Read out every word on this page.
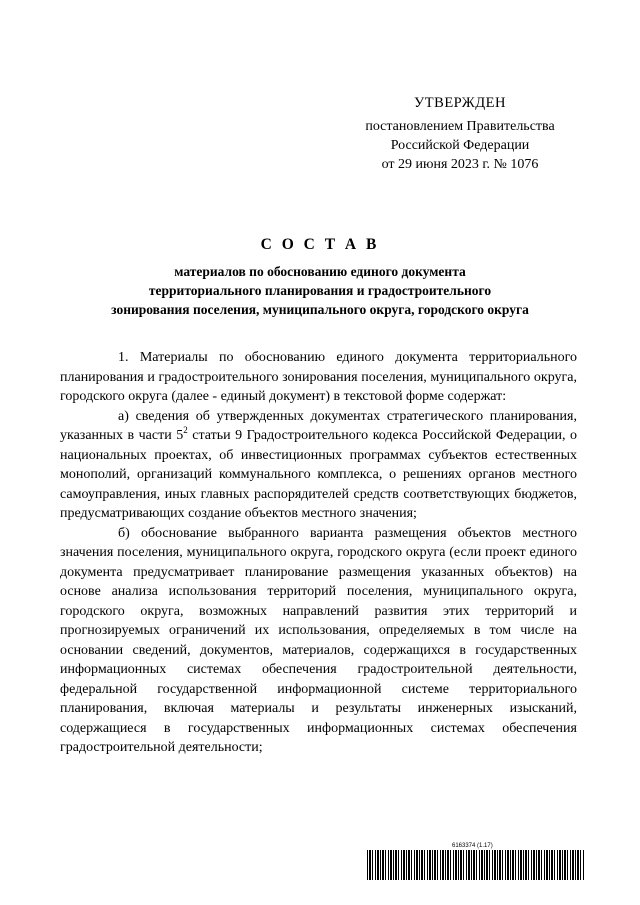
УТВЕРЖДЕН
постановлением Правительства
Российской Федерации
от 29 июня 2023 г. № 1076
С О С Т А В
материалов по обоснованию единого документа
территориального планирования и градостроительного
зонирования поселения, муниципального округа, городского округа

1. Материалы по обоснованию единого документа территориального планирования и градостроительного зонирования поселения, муниципального округа, городского округа (далее - единый документ) в текстовой форме содержат:

а) сведения об утвержденных документах стратегического планирования, указанных в части $5^2$ статьи 9 Градостроительного кодекса Российской Федерации, о национальных проектах, об инвестиционных программах субъектов естественных монополий, организаций коммунального комплекса, о решениях органов местного самоуправления, иных главных распорядителей средств соответствующих бюджетов, предусматривающих создание объектов местного значения;

б) обоснование выбранного варианта размещения объектов местного значения поселения, муниципального округа, городского округа (если проект единого документа предусматривает планирование размещения указанных объектов) на основе анализа использования территорий поселения, муниципального округа, городского округа, возможных направлений развития этих территорий и прогнозируемых ограничений их использования, определяемых в том числе на основании сведений, документов, материалов, содержащихся в государственных информационных системах обеспечения градостроительной деятельности, федеральной государственной информационной системе территориального планирования, включая материалы и результаты инженерных изысканий, содержащиеся в государственных информационных системах обеспечения градостроительной деятельности;

6163374 (1.17)
